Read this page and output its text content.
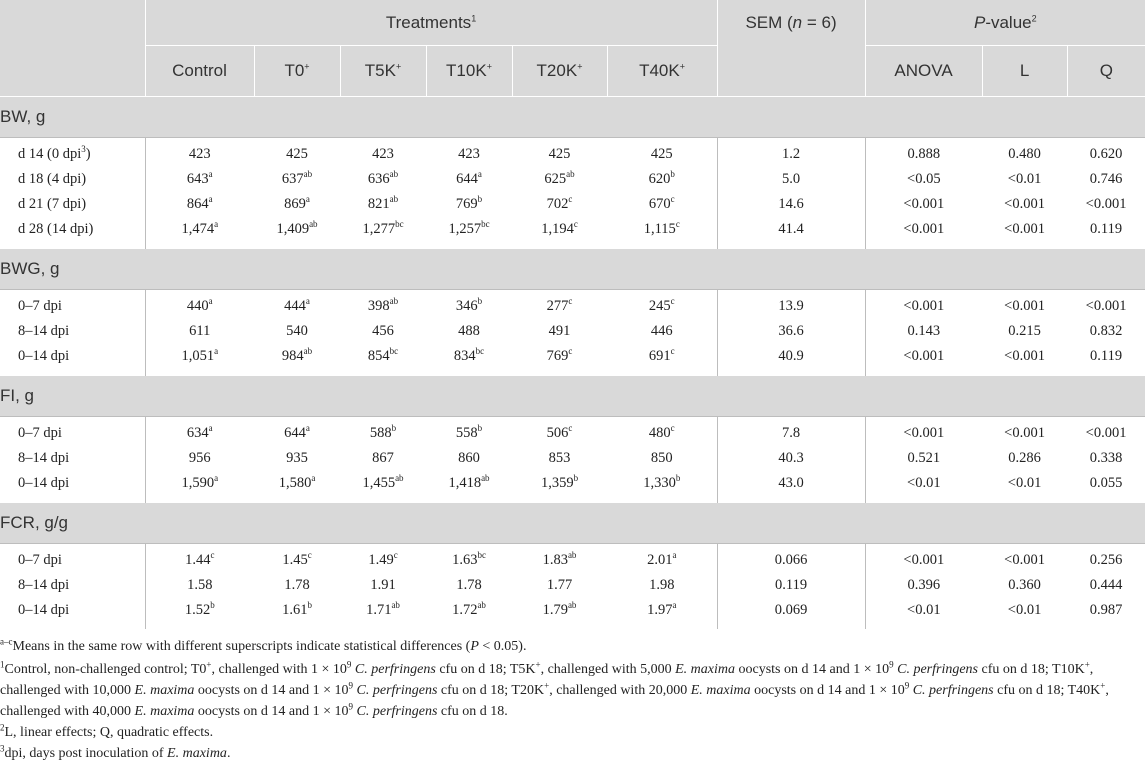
	Treatments$^1$						SEM (n = 6)	P-value$^2$
	Control	T0+	T5K+	T10K+	T20K+	T40K+		ANOVA	L	Q
BW, g										
d 14 (0 dpi$^3$)	423	425	423	423	425	425	1.2	0.888	0.480	0.620
d 18 (4 dpi)	643$^a$	$637^{ab}$	$636^{ab}$	644$^a$	$625^{ab}$	620$^b$	5.0	<0.05	<0.01	0.746
d 21 (7 dpi)	864$^a$	869$^a$	$821^{ab}$	769$^b$	702$^c$	670$^c$	14.6	<0.001	<0.001	<0.001
d 28 (14 dpi)	1,474$^a$	1,409$^{ab}$	1,277$^{bc}$	1,257$^{bc}$	1,194$^c$	1,115$^c$	41.4	<0.001	<0.001	0.119
BWG, g										
0–7 dpi	440$^a$	444$^a$	$398^{ab}$	346$^b$	277$^c$	245$^c$	13.9	<0.001	<0.001	<0.001
8–14 dpi	611	540	456	488	491	446	36.6	0.143	0.215	0.832
0–14 dpi	1,051$^a$	$984^{ab}$	$854^{bc}$	$834^{bc}$	769$^c$	691$^c$	40.9	<0.001	<0.001	0.119
FI, g										
0–7 dpi	634$^a$	644$^a$	588$^b$	558$^b$	506$^c$	480$^c$	7.8	<0.001	<0.001	<0.001
8–14 dpi	956	935	867	860	853	850	40.3	0.521	0.286	0.338
0–14 dpi	1,590$^a$	1,580$^a$	1,455$^{ab}$	1,418$^{ab}$	1,359$^b$	1,330$^b$	43.0	<0.01	<0.01	0.055
FCR, g/g										
0–7 dpi	1.44$^c$	1.45$^c$	1.49$^c$	1.63$^{bc}$	1.83$^{ab}$	2.01$^a$	0.066	<0.001	<0.001	0.256
8–14 dpi	1.58	1.78	1.91	1.78	1.77	1.98	0.119	0.396	0.360	0.444
0–14 dpi	1.52$^b$	1.61$^b$	1.71$^{ab}$	1.72$^{ab}$	1.79$^{ab}$	1.97$^a$	0.069	<0.01	<0.01	0.987

$^{a-c}$Means in the same row with different superscripts indicate statistical differences (P < 0.05).

$^1$Control, non-challenged control; T0+, challenged with $1 \times 10^9$ C. perfringens cfu on d 18; T5K+, challenged with 5,000 E. maxima oocysts on d 14 and $1 \times 10^9$ C. perfringens cfu on d 18; T10K+, challenged with 10,000 E. maxima oocysts on d 14 and $1 \times 10^9$ C. perfringens cfu on d 18; T20K+, challenged with 20,000 E. maxima oocysts on d 14 and $1 \times 10^9$ C. perfringens cfu on d 18; T40K+, challenged with 40,000 E. maxima oocysts on d 14 and $1 \times 10^9$ C. perfringens cfu on d 18.

$^2$L, linear effects; Q, quadratic effects.

$^3$dpi, days post inoculation of E. maxima.
